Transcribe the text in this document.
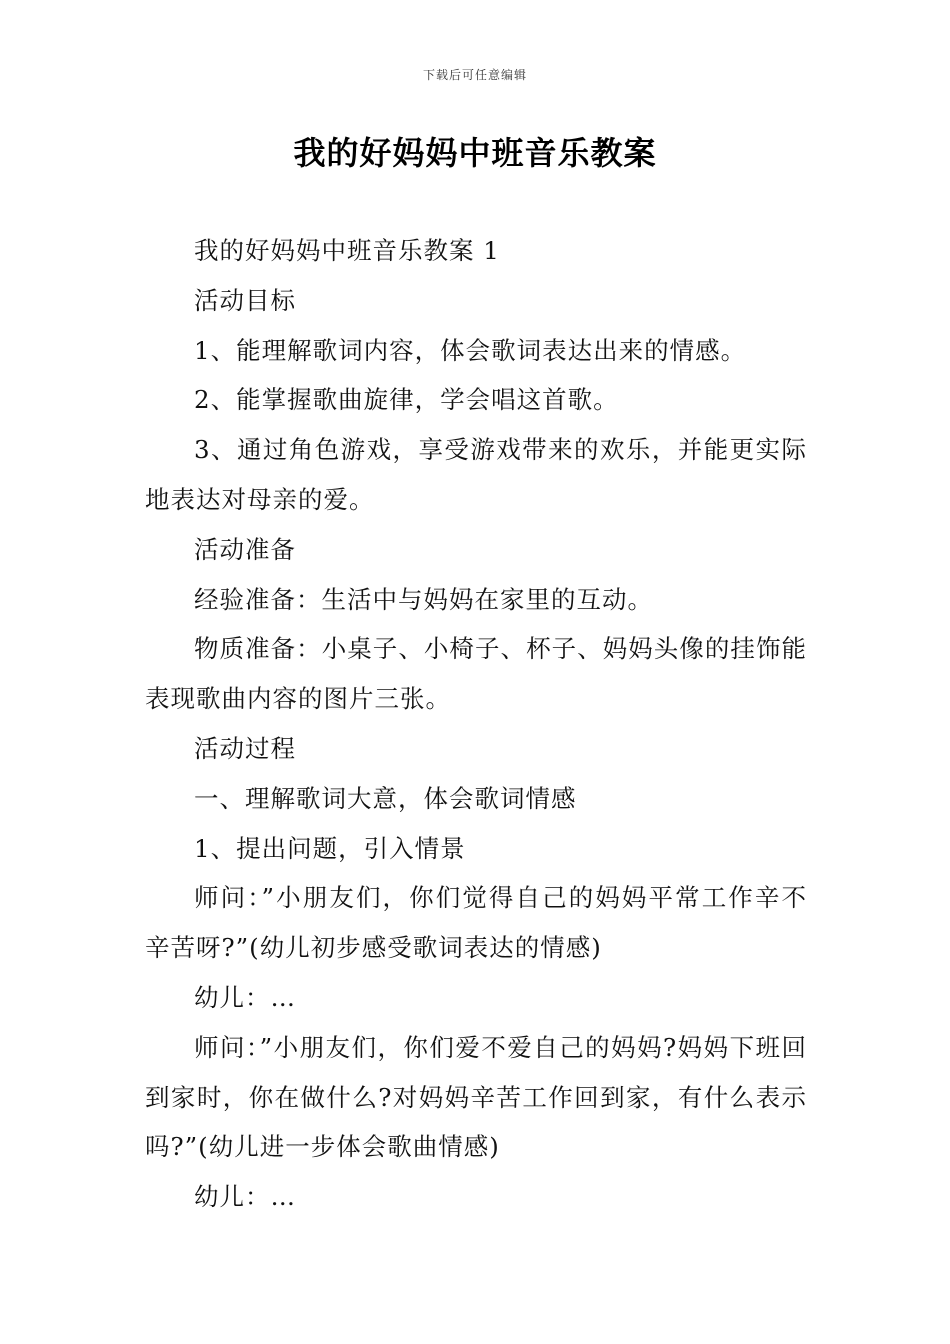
下载后可任意编辑
我的好妈妈中班音乐教案

我的好妈妈中班音乐教案 1

活动目标

1、能理解歌词内容，体会歌词表达出来的情感。

2、能掌握歌曲旋律，学会唱这首歌。

3、通过角色游戏，享受游戏带来的欢乐，并能更实际地表达对母亲的爱。

活动准备

经验准备：生活中与妈妈在家里的互动。

物质准备：小桌子、小椅子、杯子、妈妈头像的挂饰能表现歌曲内容的图片三张。

活动过程

一、理解歌词大意，体会歌词情感

1、提出问题，引入情景

师问：”小朋友们，你们觉得自己的妈妈平常工作辛不辛苦呀?”(幼儿初步感受歌词表达的情感)

幼儿：…

师问：”小朋友们，你们爱不爱自己的妈妈?妈妈下班回到家时，你在做什么?对妈妈辛苦工作回到家，有什么表示吗?”(幼儿进一步体会歌曲情感)

幼儿：…
